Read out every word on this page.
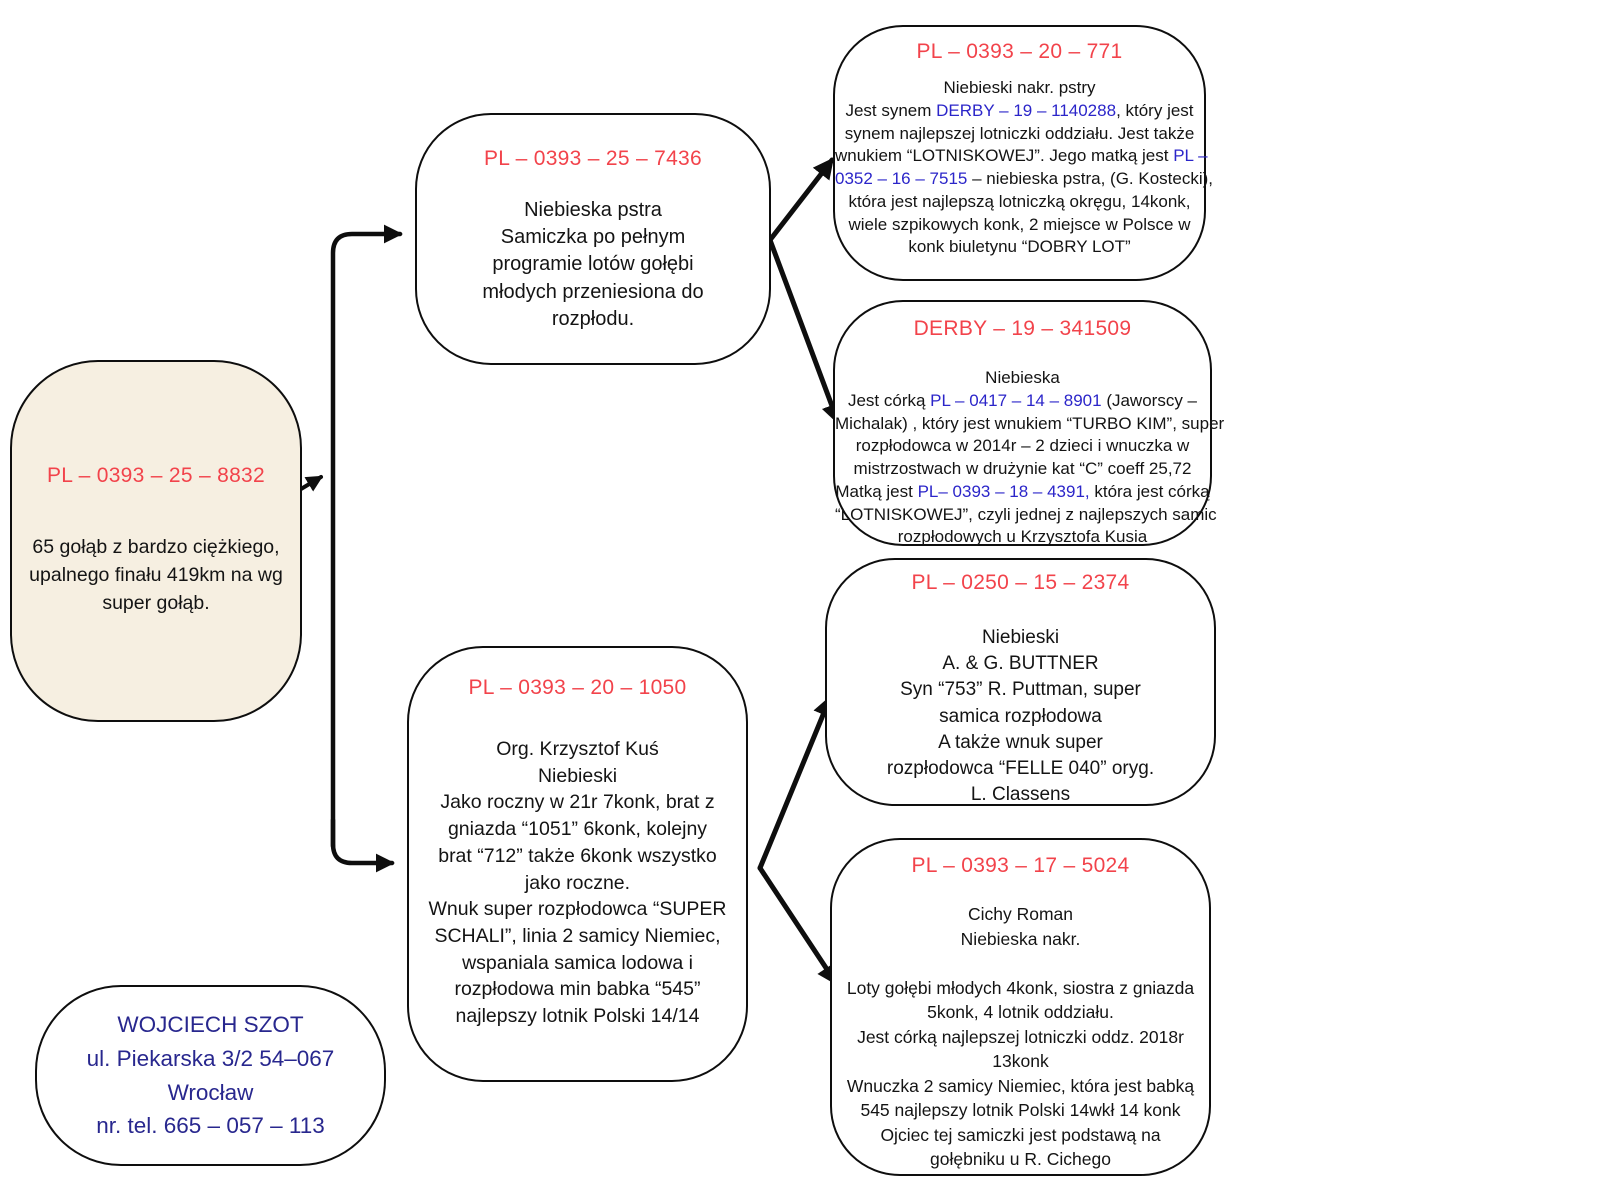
PL – 0393 – 25 – 8832
65 gołąb z bardzo ciężkiego,
upalnego finału 419km na wg
super gołąb.
PL – 0393 – 25 – 7436
Niebieska pstra
Samiczka po pełnym
programie lotów gołębi
młodych przeniesiona do
rozpłodu.
PL – 0393 – 20 – 1050
Org. Krzysztof Kuś
Niebieski
Jako roczny w 21r 7konk, brat z
gniazda “1051” 6konk, kolejny
brat “712” także 6konk wszystko
jako roczne.
Wnuk super rozpłodowca “SUPER
SCHALI”, linia 2 samicy Niemiec,
wspaniala samica lodowa i
rozpłodowa min babka “545”
najlepszy lotnik Polski 14/14
PL – 0393 – 20 – 771
Niebieski nakr. pstry
Jest synem DERBY – 19 – 1140288, który jest
synem najlepszej lotniczki oddziału. Jest także
wnukiem “LOTNISKOWEJ”. Jego matką jest PL –
0352 – 16 – 7515 – niebieska pstra, (G. Kostecki),
która jest najlepszą lotniczką okręgu, 14konk,
wiele szpikowych konk, 2 miejsce w Polsce w
konk biuletynu “DOBRY LOT”
DERBY – 19 – 341509
Niebieska
Jest córką PL – 0417 – 14 – 8901 (Jaworscy –
Michalak) , który jest wnukiem “TURBO KIM”, super
rozpłodowca w 2014r – 2 dzieci i wnuczka w
mistrzostwach w drużynie kat “C” coeff 25,72
Matką jest PL– 0393 – 18 – 4391, która jest córką
“LOTNISKOWEJ”, czyli jednej z najlepszych samic
rozpłodowych u Krzysztofa Kusia
PL – 0250 – 15 – 2374
Niebieski
A. & G. BUTTNER
Syn “753” R. Puttman, super
samica rozpłodowa
A także wnuk super
rozpłodowca “FELLE 040” oryg.
L. Classens
PL – 0393 – 17 – 5024
Cichy Roman
Niebieska nakr.

Loty gołębi młodych 4konk, siostra z gniazda
5konk, 4 lotnik oddziału.
Jest córką najlepszej lotniczki oddz. 2018r
13konk
Wnuczka 2 samicy Niemiec, która jest babką
545 najlepszy lotnik Polski 14wkł 14 konk
Ojciec tej samiczki jest podstawą na
gołębniku u R. Cichego
WOJCIECH SZOT
ul. Piekarska 3/2 54–067
Wrocław
nr. tel. 665 – 057 – 113
